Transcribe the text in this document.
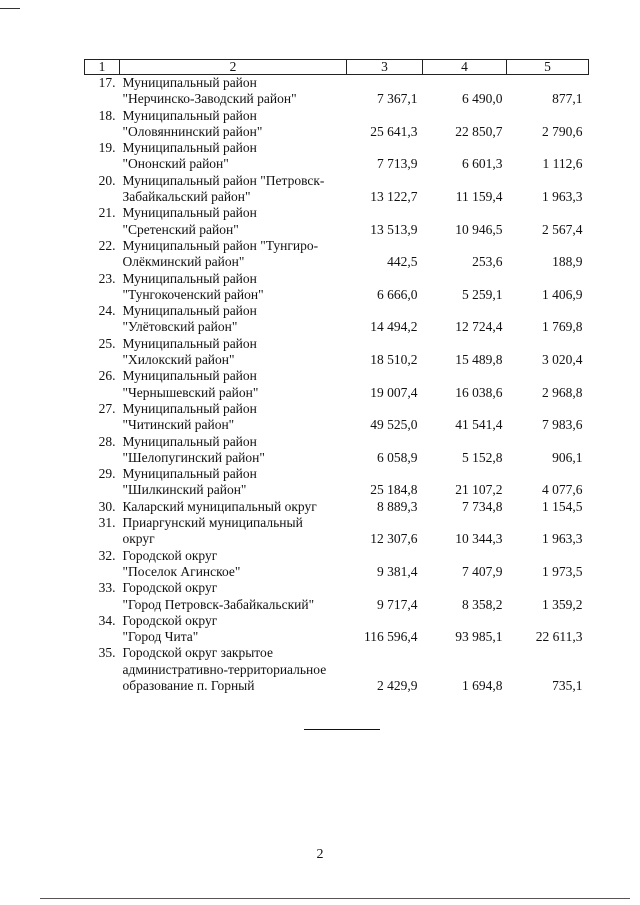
1	2	3	4	5
17.	Муниципальный район
"Нерчинско-Заводский район"	7 367,1	6 490,0	877,1
18.	Муниципальный район
"Оловяннинский район"	25 641,3	22 850,7	2 790,6
19.	Муниципальный район
"Ононский район"	7 713,9	6 601,3	1 112,6
20.	Муниципальный район "Петровск-
Забайкальский район"	13 122,7	11 159,4	1 963,3
21.	Муниципальный район
"Сретенский район"	13 513,9	10 946,5	2 567,4
22.	Муниципальный район "Тунгиро-
Олёкминский район"	442,5	253,6	188,9
23.	Муниципальный район
"Тунгокоченский район"	6 666,0	5 259,1	1 406,9
24.	Муниципальный район
"Улётовский район"	14 494,2	12 724,4	1 769,8
25.	Муниципальный район
"Хилокский район"	18 510,2	15 489,8	3 020,4
26.	Муниципальный район
"Чернышевский район"	19 007,4	16 038,6	2 968,8
27.	Муниципальный район
"Читинский район"	49 525,0	41 541,4	7 983,6
28.	Муниципальный район
"Шелопугинский район"	6 058,9	5 152,8	906,1
29.	Муниципальный район
"Шилкинский район"	25 184,8	21 107,2	4 077,6
30.	Каларский муниципальный округ	8 889,3	7 734,8	1 154,5
31.	Приаргунский муниципальный
округ	12 307,6	10 344,3	1 963,3
32.	Городской округ
"Поселок Агинское"	9 381,4	7 407,9	1 973,5
33.	Городской округ
"Город Петровск-Забайкальский"	9 717,4	8 358,2	1 359,2
34.	Городской округ
"Город Чита"	116 596,4	93 985,1	22 611,3
35.	Городской округ закрытое
административно-территориальное
образование п. Горный	2 429,9	1 694,8	735,1
2
